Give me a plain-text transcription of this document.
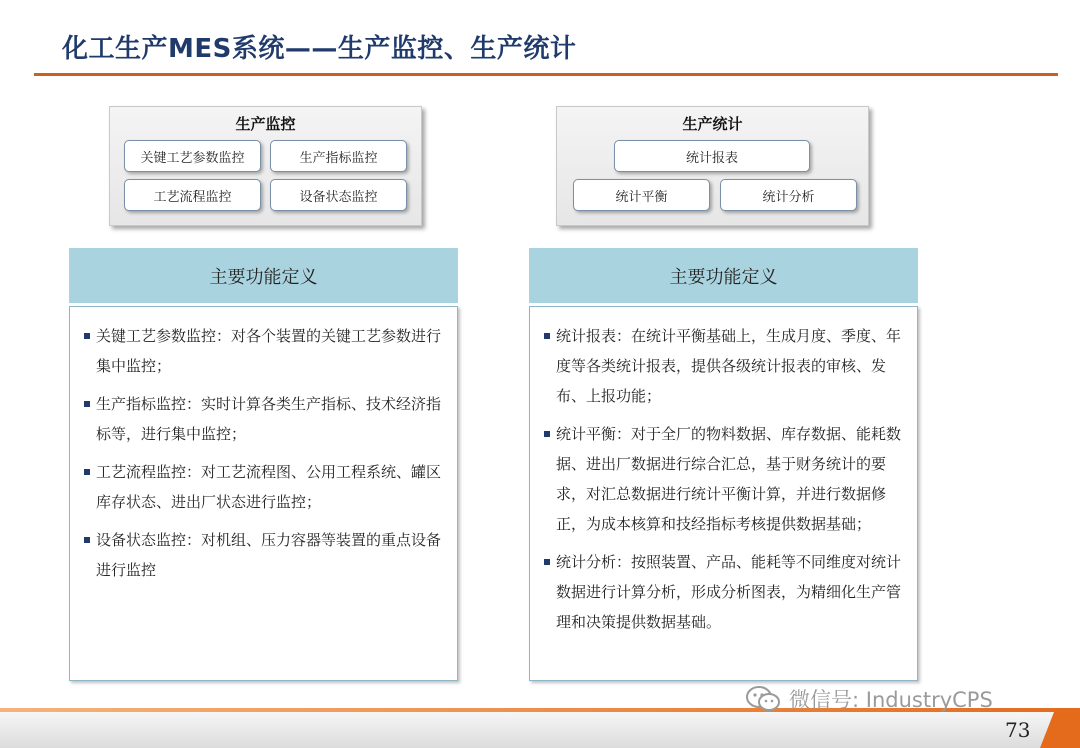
化工生产MES系统——生产监控、生产统计
生产监控
关键工艺参数监控	生产指标监控
工艺流程监控	设备状态监控
生产统计
统计报表
统计平衡	统计分析
主要功能定义	主要功能定义
关键工艺参数监控：对各个装置的关键工艺参数进行集中监控；
生产指标监控：实时计算各类生产指标、技术经济指标等，进行集中监控；
工艺流程监控：对工艺流程图、公用工程系统、罐区库存状态、进出厂状态进行监控；
设备状态监控：对机组、压力容器等装置的重点设备进行监控
统计报表：在统计平衡基础上，生成月度、季度、年度等各类统计报表，提供各级统计报表的审核、发布、上报功能；
统计平衡：对于全厂的物料数据、库存数据、能耗数据、进出厂数据进行综合汇总，基于财务统计的要求，对汇总数据进行统计平衡计算，并进行数据修正，为成本核算和技经指标考核提供数据基础；
统计分析：按照装置、产品、能耗等不同维度对统计数据进行计算分析，形成分析图表，为精细化生产管理和决策提供数据基础。
73
微信号: IndustryCPS
